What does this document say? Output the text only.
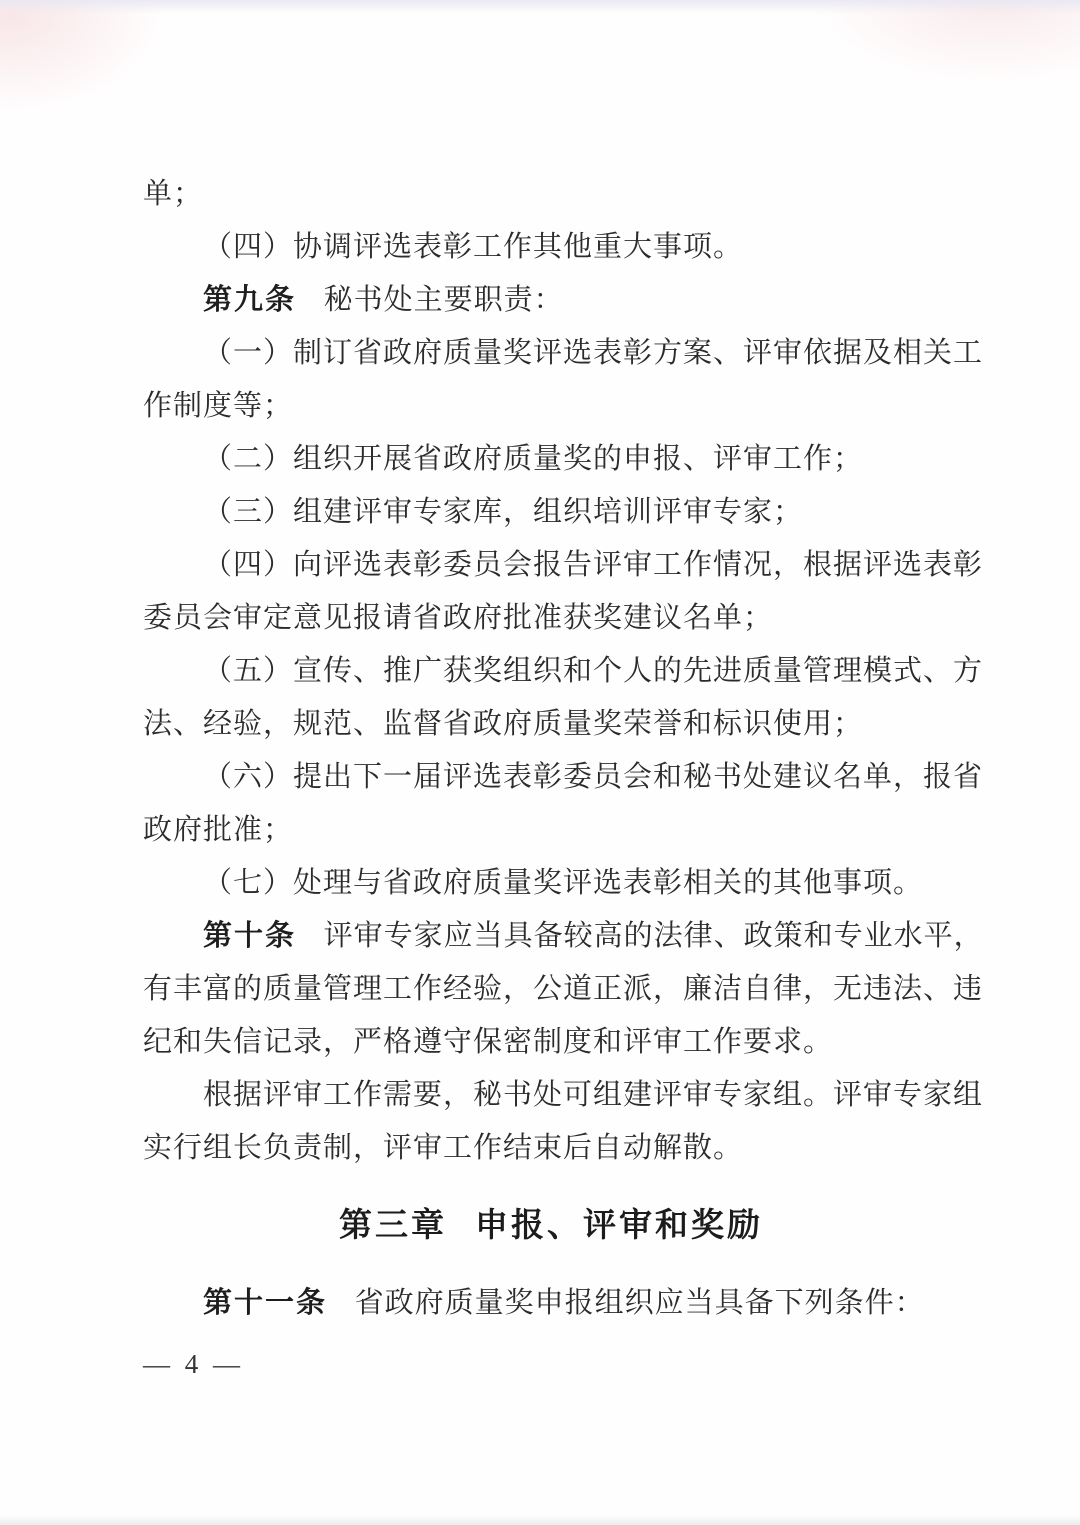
单；
（四）协调评选表彰工作其他重大事项。
第九条 秘书处主要职责：
（一）制订省政府质量奖评选表彰方案、评审依据及相关工
作制度等；
（二）组织开展省政府质量奖的申报、评审工作；
（三）组建评审专家库，组织培训评审专家；
（四）向评选表彰委员会报告评审工作情况，根据评选表彰
委员会审定意见报请省政府批准获奖建议名单；
（五）宣传、推广获奖组织和个人的先进质量管理模式、方
法、经验，规范、监督省政府质量奖荣誉和标识使用；
（六）提出下一届评选表彰委员会和秘书处建议名单，报省
政府批准；
（七）处理与省政府质量奖评选表彰相关的其他事项。
第十条 评审专家应当具备较高的法律、政策和专业水平，
有丰富的质量管理工作经验，公道正派，廉洁自律，无违法、违
纪和失信记录，严格遵守保密制度和评审工作要求。
根据评审工作需要，秘书处可组建评审专家组。评审专家组
实行组长负责制，评审工作结束后自动解散。
第三章 申报、评审和奖励
第十一条 省政府质量奖申报组织应当具备下列条件：
— 4 —
